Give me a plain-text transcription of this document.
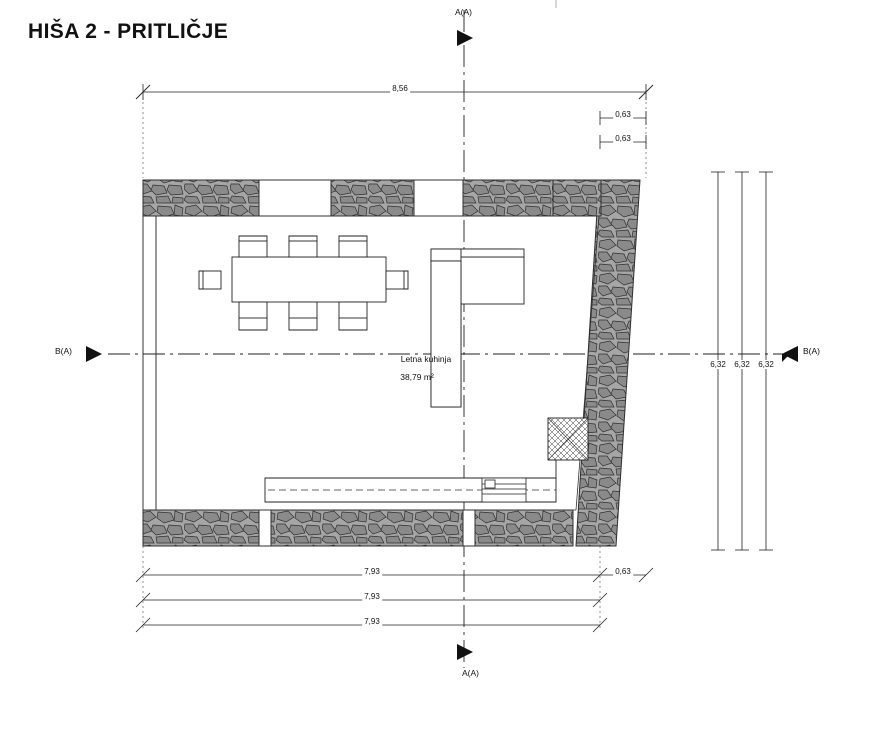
HIŠA 2 - PRITLIČJE
8,56
0,63
0,63
7,93	0,63
7,93
7,93
6,32 6,32 6,32
Letna kuhinja
38,79 m²
A(A)
A(A)
B(A)	B(A)
